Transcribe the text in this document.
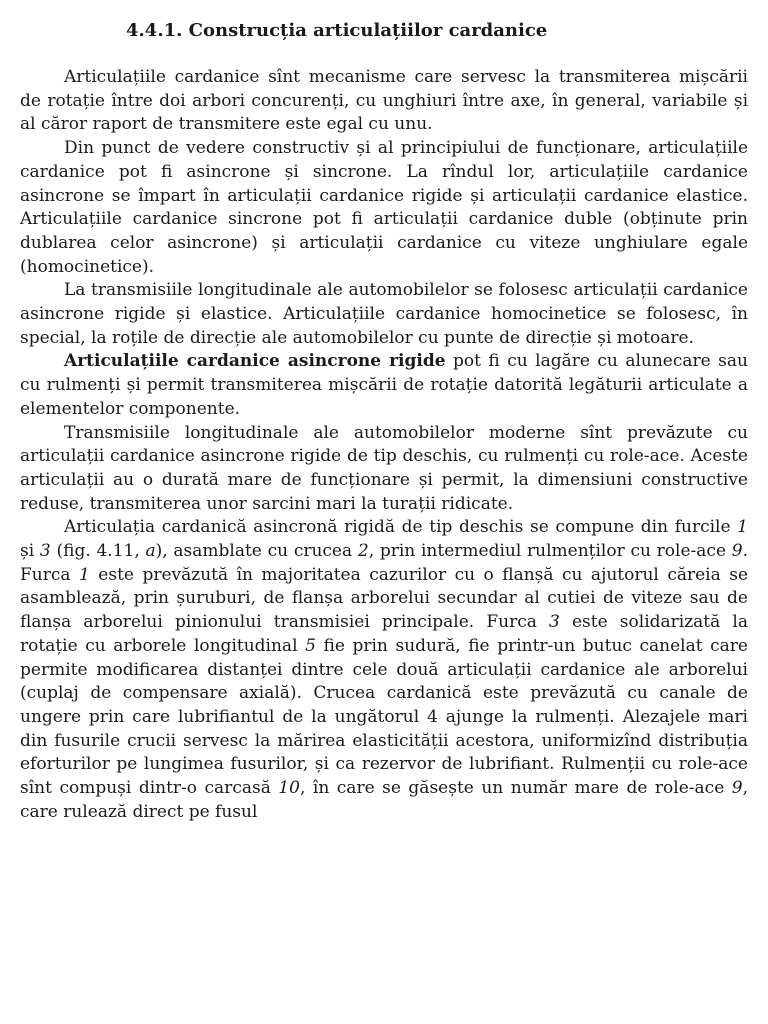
4.4.1. Construcția articulațiilor cardanice

Articulațiile cardanice sînt mecanisme care servesc la transmiterea mișcării de rotație între doi arbori concurenți, cu unghiuri între axe, în general, variabile și al căror raport de transmitere este egal cu unu.

Din punct de vedere constructiv și al principiului de funcționare, articulațiile cardanice pot fi asincrone și sincrone. La rîndul lor, articulațiile cardanice asincrone se împart în articulații cardanice rigide și articulații cardanice elastice. Articulațiile cardanice sincrone pot fi articulații cardanice duble (obținute prin dublarea celor asincrone) și articulații cardanice cu viteze unghiulare egale (homocinetice).

La transmisiile longitudinale ale automobilelor se folosesc articulații cardanice asincrone rigide și elastice. Articulațiile cardanice homocinetice se folosesc, în special, la roțile de direcție ale automobilelor cu punte de direcție și motoare.

Articulațiile cardanice asincrone rigide pot fi cu lagăre cu alunecare sau cu rulmenți și permit transmiterea mișcării de rotație datorită legăturii articulate a elementelor componente.

Transmisiile longitudinale ale automobilelor moderne sînt prevăzute cu articulații cardanice asincrone rigide de tip deschis, cu rulmenți cu role-ace. Aceste articulații au o durată mare de funcționare și permit, la dimensiuni constructive reduse, transmiterea unor sarcini mari la turații ridicate.

Articulația cardanică asincronă rigidă de tip deschis se compune din furcile 1 și 3 (fig. 4.11, a), asamblate cu crucea 2, prin intermediul rulmenților cu role-ace 9. Furca 1 este prevăzută în majoritatea cazurilor cu o flanșă cu ajutorul căreia se asamblează, prin șuruburi, de flanșa arborelui secundar al cutiei de viteze sau de flanșa arborelui pinionului transmisiei principale. Furca 3 este solidarizată la rotație cu arborele longitudinal 5 fie prin sudură, fie printr-un butuc canelat care permite modificarea distanței dintre cele două articulații cardanice ale arborelui (cuplaj de compensare axială). Crucea cardanică este prevăzută cu canale de ungere prin care lubrifiantul de la ungătorul 4 ajunge la rulmenți. Alezajele mari din fusurile crucii servesc la mărirea elasticității acestora, uniformizînd distribuția eforturilor pe lungimea fusurilor, și ca rezervor de lubrifiant. Rulmenții cu role-ace sînt compuși dintr-o carcasă 10, în care se găsește un număr mare de role-ace 9, care rulează direct pe fusul
